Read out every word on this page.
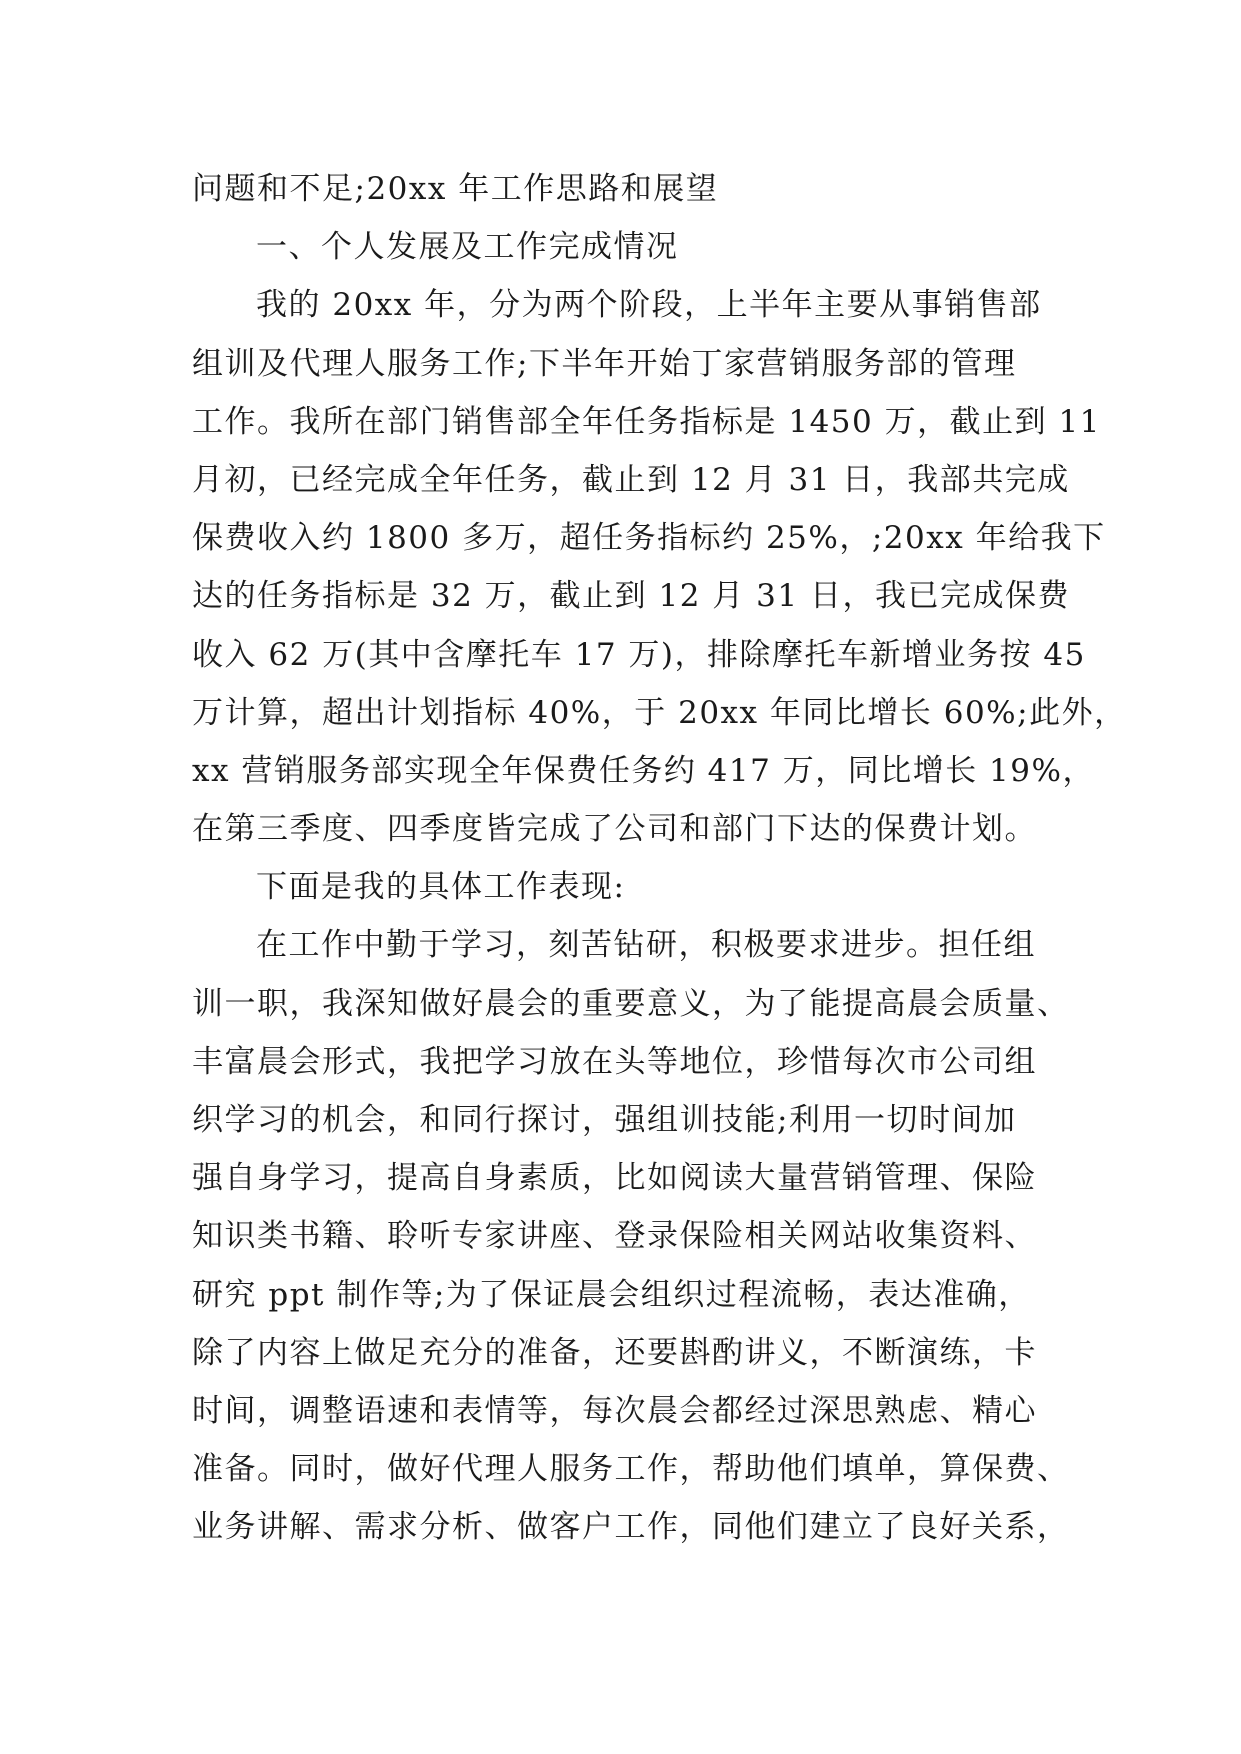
问题和不足;20xx 年工作思路和展望
一、个人发展及工作完成情况
我的 20xx 年，分为两个阶段，上半年主要从事销售部
组训及代理人服务工作;下半年开始丁家营销服务部的管理
工作。我所在部门销售部全年任务指标是 1450 万，截止到 11
月初，已经完成全年任务，截止到 12 月 31 日，我部共完成
保费收入约 1800 多万，超任务指标约 25%，;20xx 年给我下
达的任务指标是 32 万，截止到 12 月 31 日，我已完成保费
收入 62 万(其中含摩托车 17 万)，排除摩托车新增业务按 45
万计算，超出计划指标 40%，于 20xx 年同比增长 60%;此外，
xx 营销服务部实现全年保费任务约 417 万，同比增长 19%，
在第三季度、四季度皆完成了公司和部门下达的保费计划。
下面是我的具体工作表现:
在工作中勤于学习，刻苦钻研，积极要求进步。担任组
训一职，我深知做好晨会的重要意义，为了能提高晨会质量、
丰富晨会形式，我把学习放在头等地位，珍惜每次市公司组
织学习的机会，和同行探讨，强组训技能;利用一切时间加
强自身学习，提高自身素质，比如阅读大量营销管理、保险
知识类书籍、聆听专家讲座、登录保险相关网站收集资料、
研究 ppt 制作等;为了保证晨会组织过程流畅，表达准确，
除了内容上做足充分的准备，还要斟酌讲义，不断演练，卡
时间，调整语速和表情等，每次晨会都经过深思熟虑、精心
准备。同时，做好代理人服务工作，帮助他们填单，算保费、
业务讲解、需求分析、做客户工作，同他们建立了良好关系，
